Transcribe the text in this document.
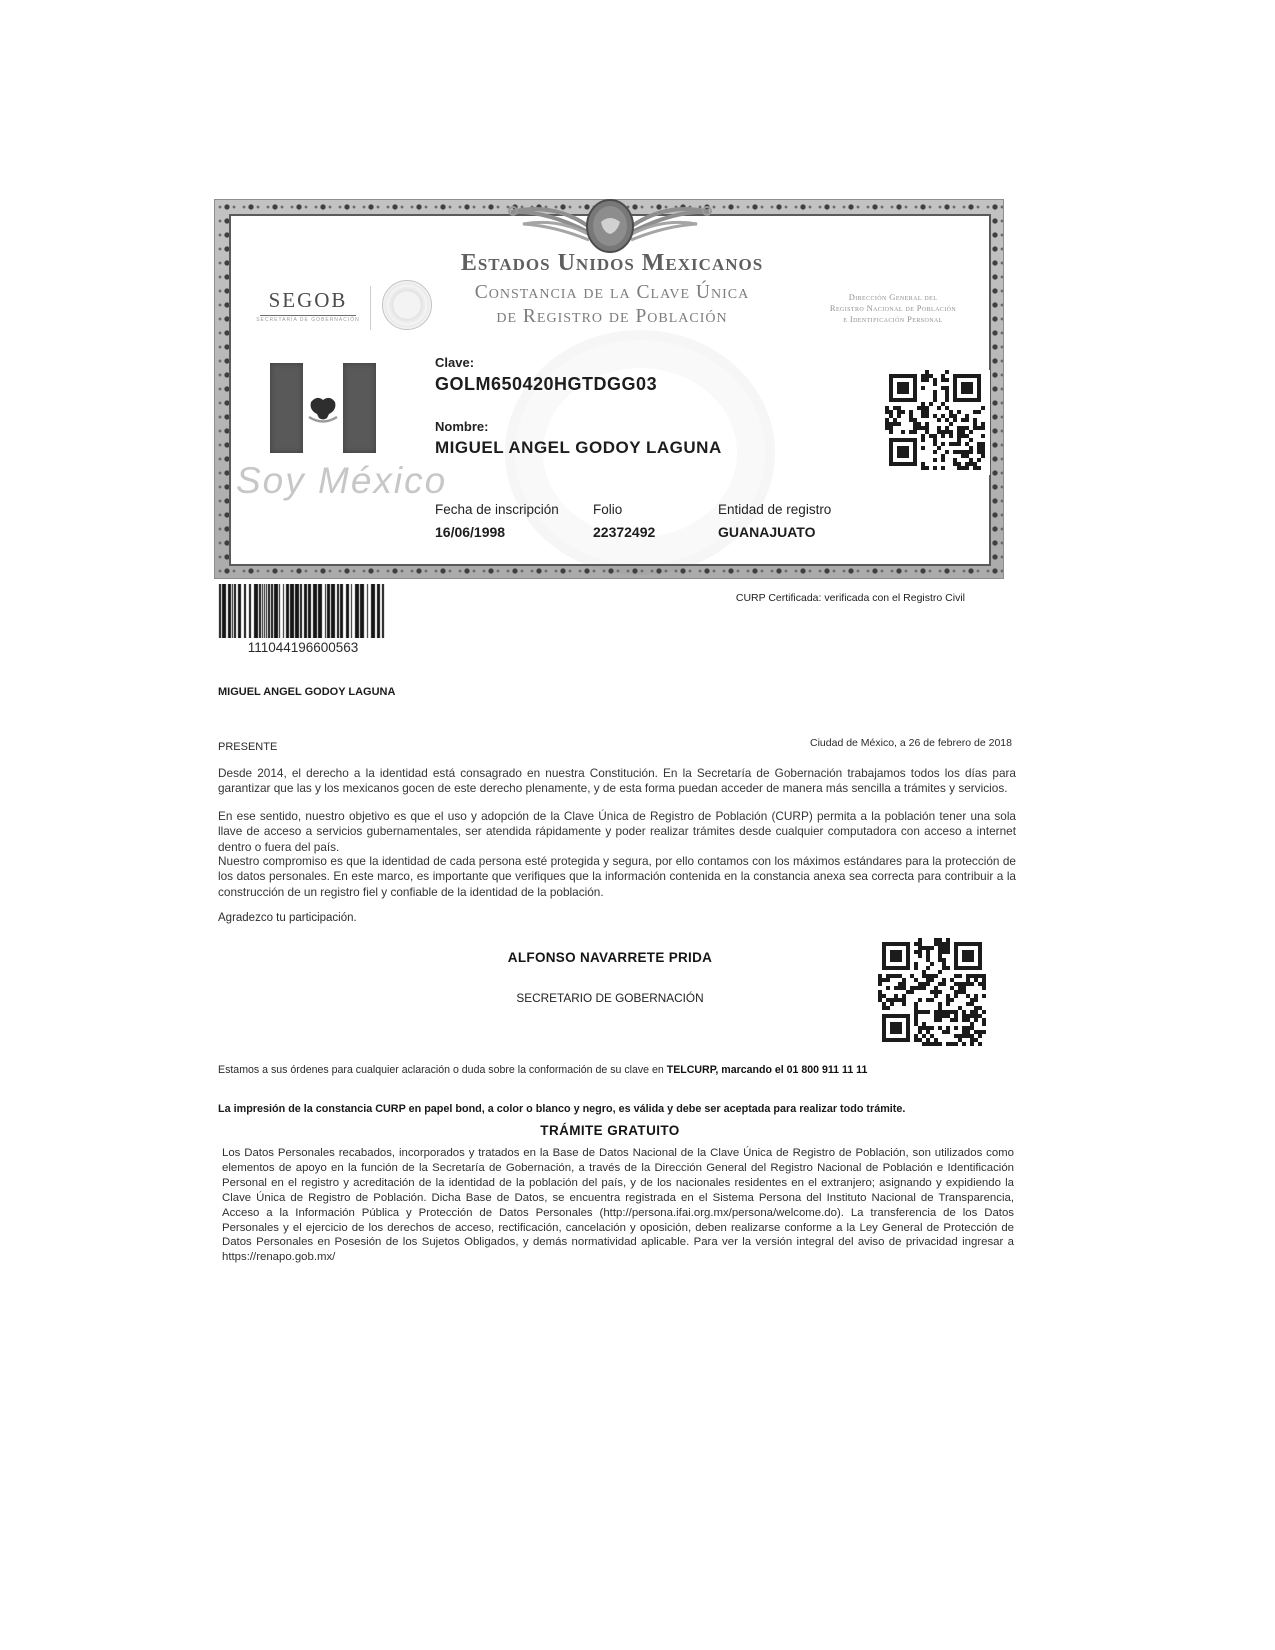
SEGOB
SECRETARÍA DE GOBERNACIÓN
Estados Unidos Mexicanos
Constancia de la Clave Única
de Registro de Población
Dirección General del
Registro Nacional de Población
e Identificación Personal
Soy México
Clave:
GOLM650420HGTDGG03
Nombre:
MIGUEL ANGEL GODOY LAGUNA
Fecha de inscripción
16/06/1998
Folio
22372492
Entidad de registro
GUANAJUATO
111044196600563
CURP Certificada: verificada con el Registro Civil
MIGUEL ANGEL GODOY LAGUNA
PRESENTE	Ciudad de México, a 26 de febrero de 2018
Desde 2014, el derecho a la identidad está consagrado en nuestra Constitución. En la Secretaría de Gobernación trabajamos todos los días para garantizar que las y los mexicanos gocen de este derecho plenamente, y de esta forma puedan acceder de manera más sencilla a trámites y servicios.
En ese sentido, nuestro objetivo es que el uso y adopción de la Clave Única de Registro de Población (CURP) permita a la población tener una sola llave de acceso a servicios gubernamentales, ser atendida rápidamente y poder realizar trámites desde cualquier computadora con acceso a internet dentro o fuera del país.
Nuestro compromiso es que la identidad de cada persona esté protegida y segura, por ello contamos con los máximos estándares para la protección de los datos personales. En este marco, es importante que verifiques que la información contenida en la constancia anexa sea correcta para contribuir a la construcción de un registro fiel y confiable de la identidad de la población.
Agradezco tu participación.
ALFONSO NAVARRETE PRIDA
SECRETARIO DE GOBERNACIÓN
Estamos a sus órdenes para cualquier aclaración o duda sobre la conformación de su clave en TELCURP, marcando el 01 800 911 11 11
La impresión de la constancia CURP en papel bond, a color o blanco y negro, es válida y debe ser aceptada para realizar todo trámite.
TRÁMITE GRATUITO
Los Datos Personales recabados, incorporados y tratados en la Base de Datos Nacional de la Clave Única de Registro de Población, son utilizados como elementos de apoyo en la función de la Secretaría de Gobernación, a través de la Dirección General del Registro Nacional de Población e Identificación Personal en el registro y acreditación de la identidad de la población del país, y de los nacionales residentes en el extranjero; asignando y expidiendo la Clave Única de Registro de Población. Dicha Base de Datos, se encuentra registrada en el Sistema Persona del Instituto Nacional de Transparencia, Acceso a la Información Pública y Protección de Datos Personales (http://persona.ifai.org.mx/persona/welcome.do). La transferencia de los Datos Personales y el ejercicio de los derechos de acceso, rectificación, cancelación y oposición, deben realizarse conforme a la Ley General de Protección de Datos Personales en Posesión de los Sujetos Obligados, y demás normatividad aplicable. Para ver la versión integral del aviso de privacidad ingresar a https://renapo.gob.mx/
